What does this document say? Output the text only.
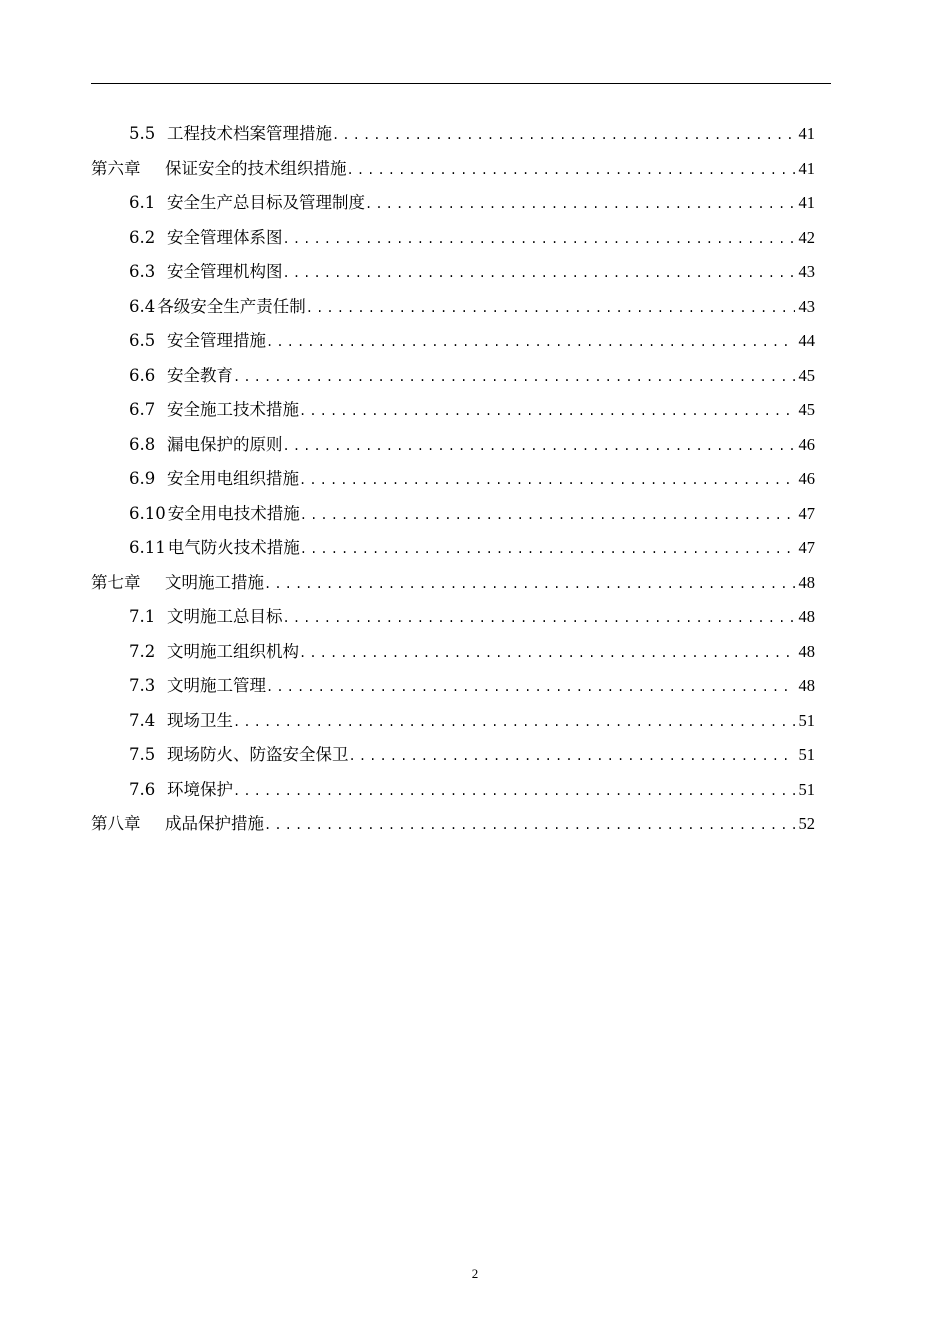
5.5 工程技术档案管理措施 .....	41
第六章	保证安全的技术组织措施 .....	41
6.1 安全生产总目标及管理制度 .....	41
6.2 安全管理体系图 .....	42
6.3 安全管理机构图 .....	43
6.4 各级安全生产责任制 .....	43
6.5 安全管理措施 .....	44
6.6 安全教育 .....	45
6.7 安全施工技术措施 .....	45
6.8 漏电保护的原则 .....	46
6.9 安全用电组织措施 .....	46
6.10 安全用电技术措施 .....	47
6.11 电气防火技术措施 .....	47
第七章	文明施工措施 .....	48
7.1 文明施工总目标 .....	48
7.2 文明施工组织机构 .....	48
7.3 文明施工管理 .....	48
7.4 现场卫生 .....	51
7.5 现场防火、防盗安全保卫 .....	51
7.6 环境保护 .....	51
第八章	成品保护措施 .....	52
2
